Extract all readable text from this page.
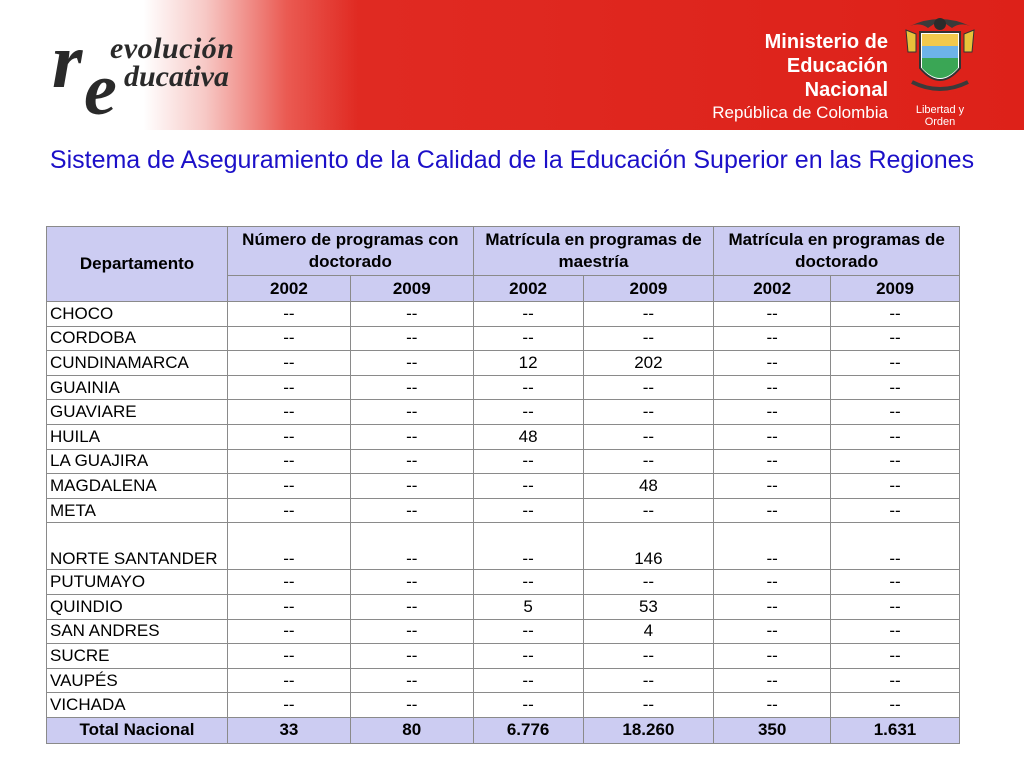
r e
evolución
ducativa
Ministerio de
Educación Nacional
República de Colombia	Libertad y Orden
Sistema de Aseguramiento de la Calidad de la Educación Superior en las Regiones
Departamento	Número de programas con doctorado		Matrícula en programas de maestría		Matrícula en programas de doctorado	
	2002	2009	2002	2009	2002	2009
CHOCO	--	--	--	--	--	--
CORDOBA	--	--	--	--	--	--
CUNDINAMARCA	--	--	12	202	--	--
GUAINIA	--	--	--	--	--	--
GUAVIARE	--	--	--	--	--	--
HUILA	--	--	48	--	--	--
LA GUAJIRA	--	--	--	--	--	--
MAGDALENA	--	--	--	48	--	--
META	--	--	--	--	--	--
NORTE SANTANDER	--	--	--	146	--	--
PUTUMAYO	--	--	--	--	--	--
QUINDIO	--	--	5	53	--	--
SAN ANDRES	--	--	--	4	--	--
SUCRE	--	--	--	--	--	--
VAUPÉS	--	--	--	--	--	--
VICHADA	--	--	--	--	--	--
Total Nacional	33	80	6.776	18.260	350	1.631
